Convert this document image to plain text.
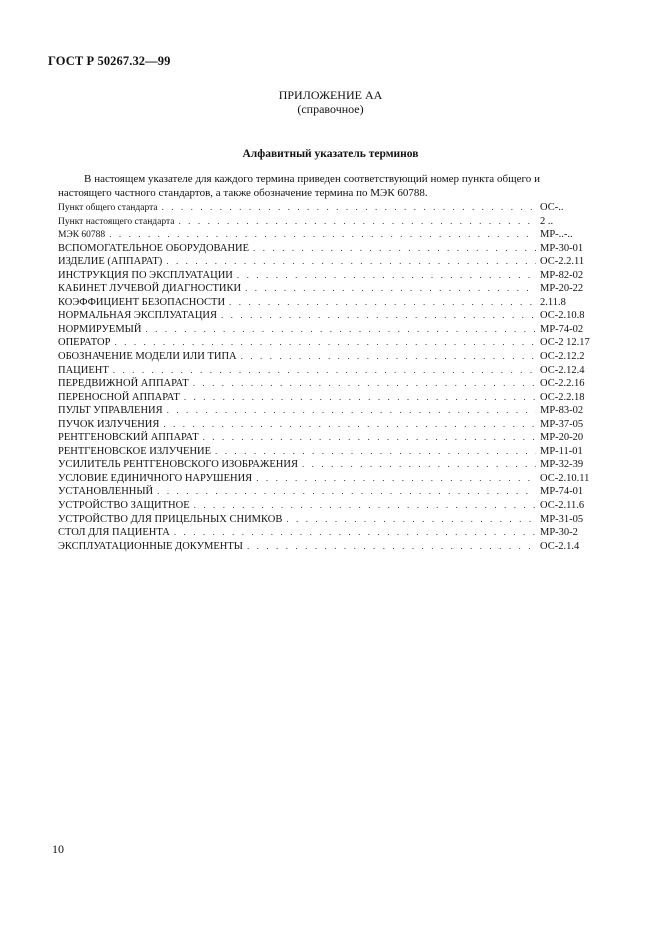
ГОСТ Р 50267.32—99
ПРИЛОЖЕНИЕ АА
(справочное)
Алфавитный указатель терминов
В настоящем указателе для каждого термина приведен соответствующий номер пункта общего и настоящего частного стандартов, а также обозначение термина по МЭК 60788.
Пункт общего стандарта . . .	ОС-..
Пункт настоящего стандарта . . .	2 ..
МЭК 60788 . . .	МР-..-..
ВСПОМОГАТЕЛЬНОЕ ОБОРУДОВАНИЕ . . .	МР-30-01
ИЗДЕЛИЕ (АППАРАТ) . . .	ОС-2.2.11
ИНСТРУКЦИЯ ПО ЭКСПЛУАТАЦИИ . . .	МР-82-02
КАБИНЕТ ЛУЧЕВОЙ ДИАГНОСТИКИ . . .	МР-20-22
КОЭФФИЦИЕНТ БЕЗОПАСНОСТИ . . .	2.11.8
НОРМАЛЬНАЯ ЭКСПЛУАТАЦИЯ . . .	ОС-2.10.8
НОРМИРУЕМЫЙ . . .	МР-74-02
ОПЕРАТОР . . .	ОС-2 12.17
ОБОЗНАЧЕНИЕ МОДЕЛИ ИЛИ ТИПА . . .	ОС-2.12.2
ПАЦИЕНТ . . .	ОС-2.12.4
ПЕРЕДВИЖНОЙ АППАРАТ . . .	ОС-2.2.16
ПЕРЕНОСНОЙ АППАРАТ . . .	ОС-2.2.18
ПУЛЬТ УПРАВЛЕНИЯ . . .	МР-83-02
ПУЧОК ИЗЛУЧЕНИЯ . . .	МР-37-05
РЕНТГЕНОВСКИЙ АППАРАТ . . .	МР-20-20
РЕНТГЕНОВСКОЕ ИЗЛУЧЕНИЕ . . .	МР-11-01
УСИЛИТЕЛЬ РЕНТГЕНОВСКОГО ИЗОБРАЖЕНИЯ . . .	МР-32-39
УСЛОВИЕ ЕДИНИЧНОГО НАРУШЕНИЯ . . .	ОС-2.10.11
УСТАНОВЛЕННЫЙ . . .	МР-74-01
УСТРОЙСТВО ЗАЩИТНОЕ . . .	ОС-2.11.6
УСТРОЙСТВО ДЛЯ ПРИЦЕЛЬНЫХ СНИМКОВ . . .	МР-31-05
СТОЛ ДЛЯ ПАЦИЕНТА . . .	МР-30-2
ЭКСПЛУАТАЦИОННЫЕ ДОКУМЕНТЫ . . .	ОС-2.1.4
10
